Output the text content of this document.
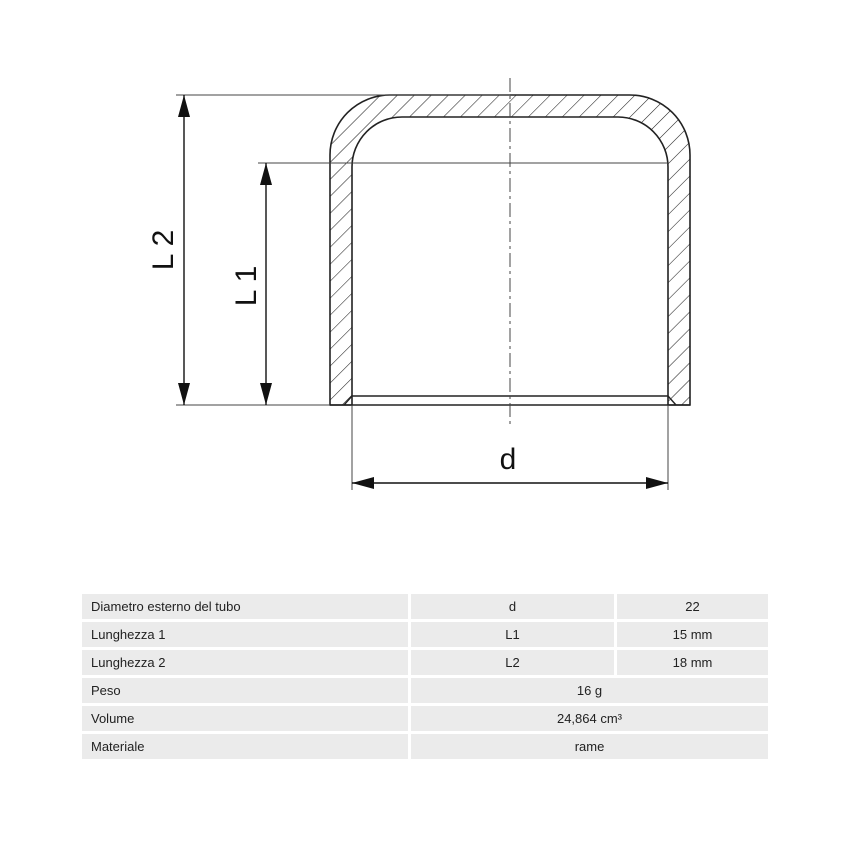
L 2
L 1
d
Diametro esterno del tubo	d	22
Lunghezza 1	L1	15 mm
Lunghezza 2	L2	18 mm
Peso	16 g	
Volume	24,864 cm³	
Materiale	rame	
